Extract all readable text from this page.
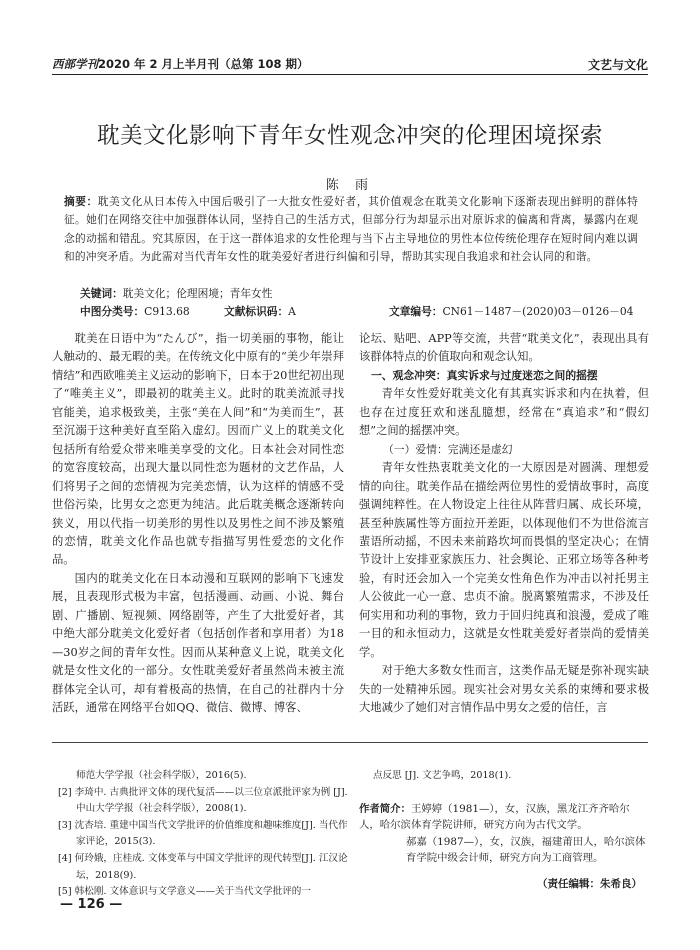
西部学刊2020 年 2 月上半月刊（总第 108 期）	文艺与文化
耽美文化影响下青年女性观念冲突的伦理困境探索
陈 雨
摘要：耽美文化从日本传入中国后吸引了一大批女性爱好者，其价值观念在耽美文化影响下逐渐表现出鲜明的群体特征。她们在网络交往中加强群体认同，坚持自己的生活方式，但部分行为却显示出对原诉求的偏离和背离，暴露内在观念的动摇和错乱。究其原因，在于这一群体追求的女性伦理与当下占主导地位的男性本位传统伦理存在短时间内难以调和的冲突矛盾。为此需对当代青年女性的耽美爱好者进行纠偏和引导，帮助其实现自我追求和社会认同的和谐。
关键词：耽美文化；伦理困境；青年女性
中图分类号：C913.68	文献标识码：A	文章编号：CN61－1487－(2020)03－0126－04

耽美在日语中为“たんび”，指一切美丽的事物，能让人触动的、最无暇的美。在传统文化中原有的“美少年崇拜情结”和西欧唯美主义运动的影响下，日本于20世纪初出现了“唯美主义”，即最初的耽美主义。此时的耽美流派寻找官能美，追求极致美，主张“美在人间”和“为美而生”，甚至沉溺于这种美好直至陷入虚幻。因而广义上的耽美文化包括所有给爱众带来唯美享受的文化。日本社会对同性恋的宽容度较高，出现大量以同性恋为题材的文艺作品，人们将男子之间的恋情视为完美恋情，认为这样的情感不受世俗污染，比男女之恋更为纯洁。此后耽美概念逐渐转向狭义，用以代指一切美形的男性以及男性之间不涉及繁殖的恋情，耽美文化作品也就专指描写男性爱恋的文化作品。

国内的耽美文化在日本动漫和互联网的影响下飞速发展，且表现形式极为丰富，包括漫画、动画、小说、舞台剧、广播剧、短视频、网络剧等，产生了大批爱好者，其中绝大部分耽美文化爱好者（包括创作者和享用者）为18—30岁之间的青年女性。因而从某种意义上说，耽美文化就是女性文化的一部分。女性耽美爱好者虽然尚未被主流群体完全认可，却有着极高的热情，在自己的社群内十分活跃，通常在网络平台如QQ、微信、微博、博客、

论坛、贴吧、APP等交流，共营“耽美文化”，表现出具有该群体特点的价值取向和观念认知。

一、观念冲突：真实诉求与过度迷恋之间的摇摆

青年女性爱好耽美文化有其真实诉求和内在执着，但也存在过度狂欢和迷乱臆想，经常在“真追求”和“假幻想”之间的摇摆冲突。

（一）爱情：完满还是虚幻

青年女性热衷耽美文化的一大原因是对圆满、理想爱情的向往。耽美作品在描绘两位男性的爱情故事时，高度强调纯粹性。在人物设定上往往从阵营归属、成长环境，甚至种族属性等方面拉开差距，以体现他们不为世俗流言蜚语所动摇，不因未来前路坎坷而畏惧的坚定决心；在情节设计上安排亚家族压力、社会舆论、正邪立场等各种考验，有时还会加入一个完美女性角色作为冲击以衬托男主人公彼此一心一意、忠贞不渝。脱离繁殖需求，不涉及任何实用和功利的事物，致力于回归纯真和浪漫，爱成了唯一目的和永恒动力，这就是女性耽美爱好者崇尚的爱情美学。

对于绝大多数女性而言，这类作品无疑是弥补现实缺失的一处精神乐园。现实社会对男女关系的束缚和要求极大地减少了她们对言情作品中男女之爱的信任，言

师范大学学报（社会科学版），2016(5).
[2] 李琦中. 古典批评文体的现代复活——以三位京派批评家为例 [J]. 中山大学学报（社会科学版），2008(1).
[3] 沈杏培. 重建中国当代文学批评的价值维度和趣味维度[J]. 当代作家评论，2015(3).
[4] 何玲娥，庄桂成. 文体变革与中国文学批评的现代转型[J]. 江汉论坛，2018(9).
[5] 韩松刚. 文体意识与文学意义——关于当代文学批评的一
点反思 [J]. 文艺争鸣，2018(1).
作者简介：王婷婷（1981—），女，汉族，黑龙江齐齐哈尔人，哈尔滨体育学院讲师，研究方向为古代文学。
郝嘉（1987—），女，汉族，福建莆田人，哈尔滨体育学院中级会计师，研究方向为工商管理。
（责任编辑：朱希良）
— 126 —
